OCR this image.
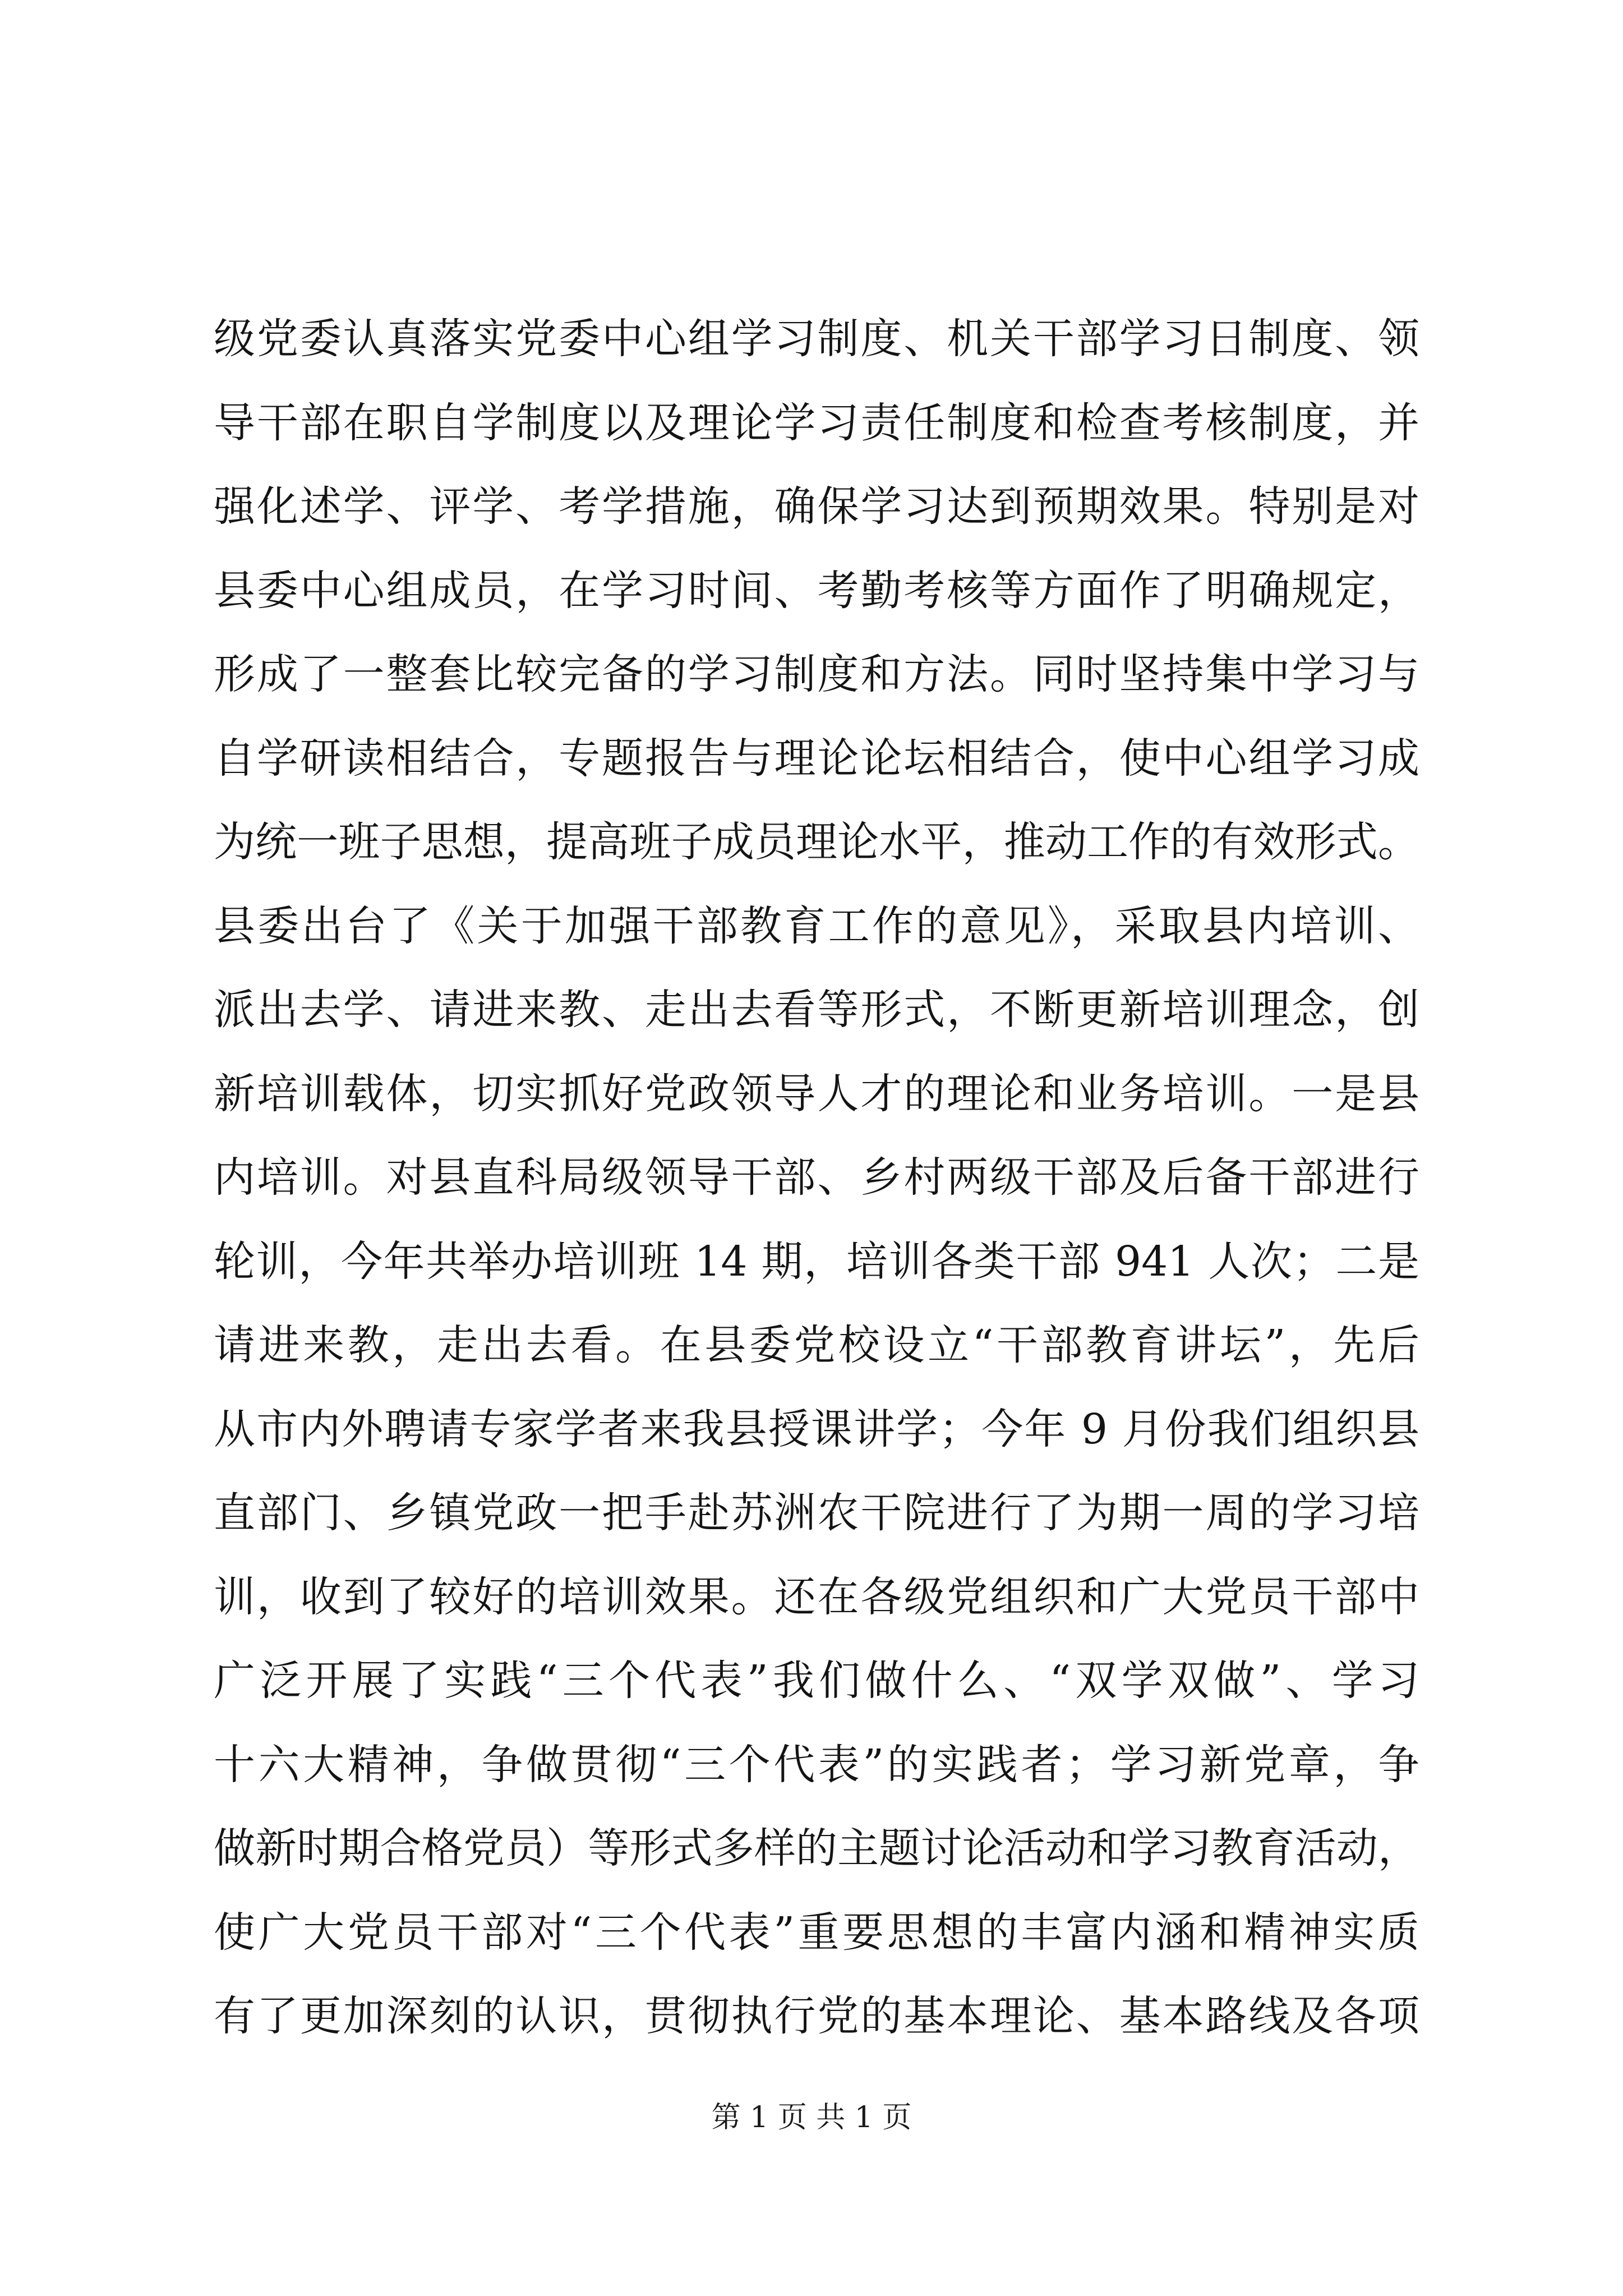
级党委认真落实党委中心组学习制度、机关干部学习日制度、领
导干部在职自学制度以及理论学习责任制度和检查考核制度，并
强化述学、评学、考学措施，确保学习达到预期效果。特别是对
县委中心组成员，在学习时间、考勤考核等方面作了明确规定，
形成了一整套比较完备的学习制度和方法。同时坚持集中学习与
自学研读相结合，专题报告与理论论坛相结合，使中心组学习成
为统一班子思想，提高班子成员理论水平，推动工作的有效形式。
县委出台了《关于加强干部教育工作的意见》，采取县内培训、
派出去学、请进来教、走出去看等形式，不断更新培训理念，创
新培训载体，切实抓好党政领导人才的理论和业务培训。一是县
内培训。对县直科局级领导干部、乡村两级干部及后备干部进行
轮训，今年共举办培训班 14 期，培训各类干部 941 人次；二是
请进来教，走出去看。在县委党校设立“干部教育讲坛”，先后
从市内外聘请专家学者来我县授课讲学；今年 9 月份我们组织县
直部门、乡镇党政一把手赴苏洲农干院进行了为期一周的学习培
训，收到了较好的培训效果。还在各级党组织和广大党员干部中
广泛开展了实践“三个代表”我们做什么、“双学双做”、学习
十六大精神，争做贯彻“三个代表”的实践者；学习新党章，争
做新时期合格党员）等形式多样的主题讨论活动和学习教育活动，
使广大党员干部对“三个代表”重要思想的丰富内涵和精神实质
有了更加深刻的认识，贯彻执行党的基本理论、基本路线及各项
第 1 页 共 1 页
